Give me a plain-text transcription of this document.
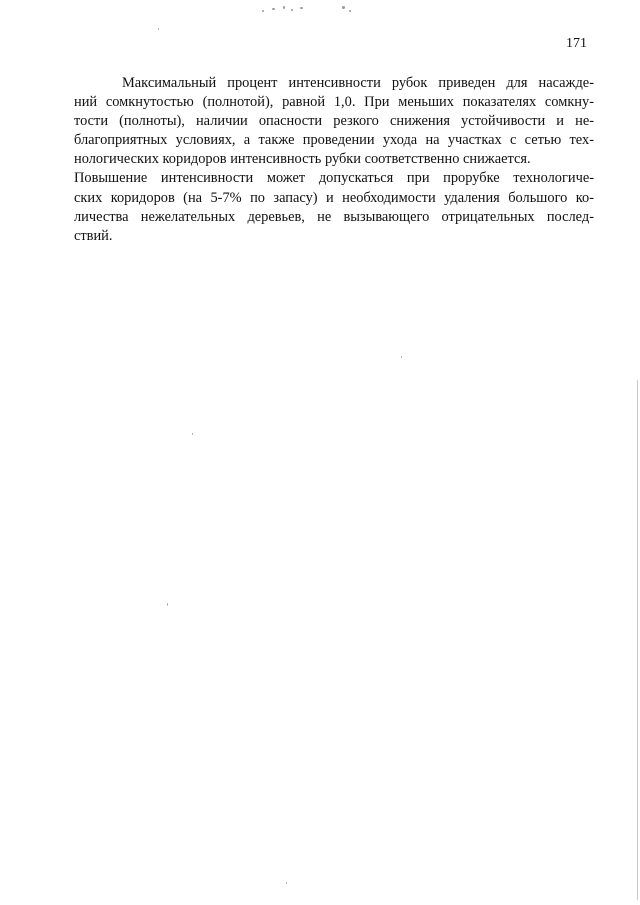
171
Максимальный процент интенсивности рубок приведен для насажде-
ний сомкнутостью (полнотой), равной 1,0. При меньших показателях сомкну-
тости (полноты), наличии опасности резкого снижения устойчивости и не-
благоприятных условиях, а также проведении ухода на участках с сетью тех-
нологических коридоров интенсивность рубки соответственно снижается.
Повышение интенсивности может допускаться при прорубке технологиче-
ских коридоров (на 5-7% по запасу) и необходимости удаления большого ко-
личества нежелательных деревьев, не вызывающего отрицательных послед-
ствий.
